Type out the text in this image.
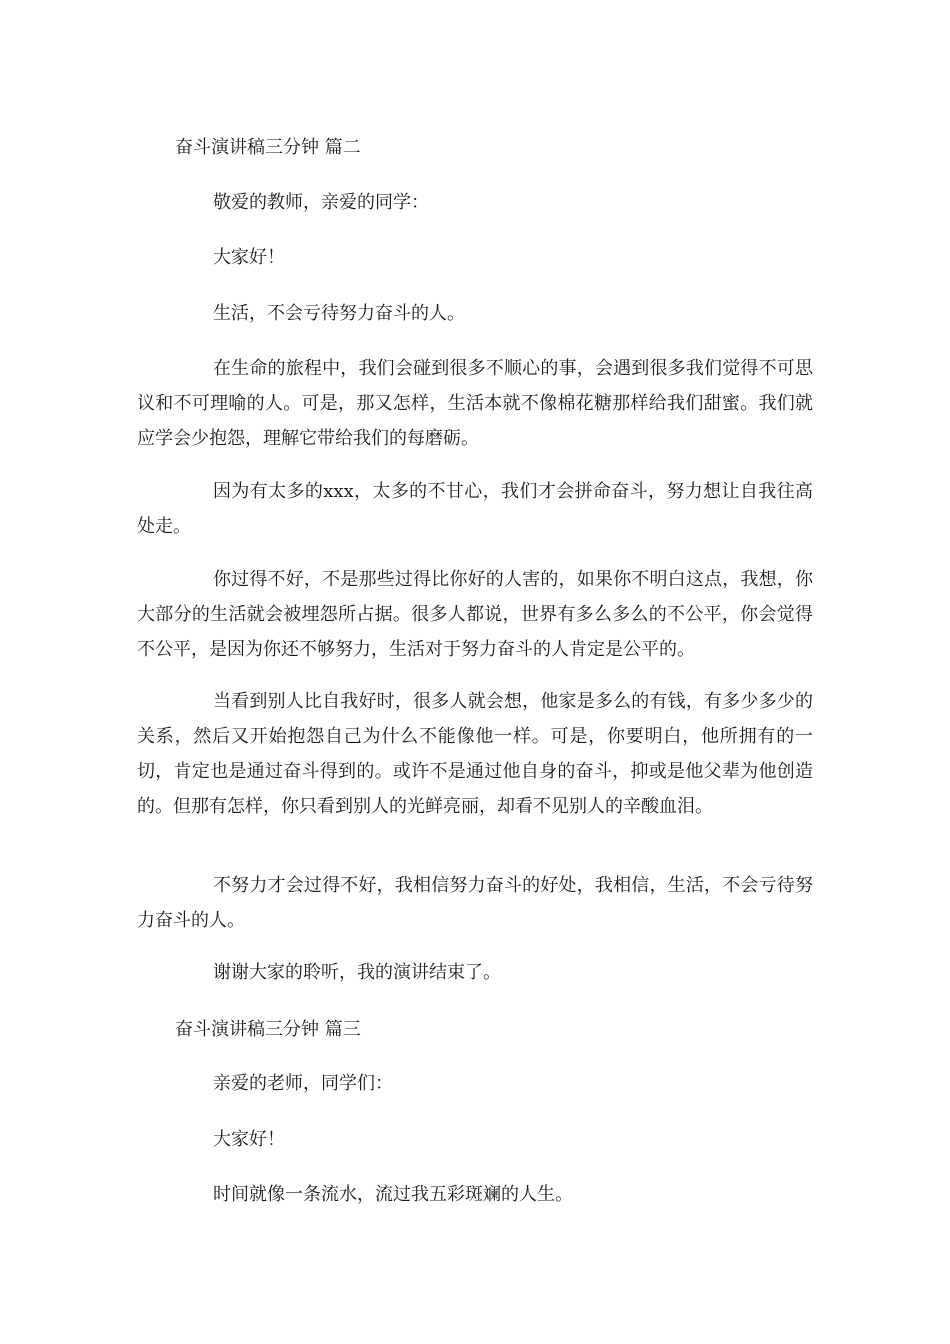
奋斗演讲稿三分钟 篇二
敬爱的教师，亲爱的同学：
大家好！
生活，不会亏待努力奋斗的人。
在生命的旅程中，我们会碰到很多不顺心的事，会遇到很多我们觉得不可思议和不可理喻的人。可是，那又怎样，生活本就不像棉花糖那样给我们甜蜜。我们就应学会少抱怨，理解它带给我们的每磨砺。
因为有太多的xxx，太多的不甘心，我们才会拼命奋斗，努力想让自我往高处走。
你过得不好，不是那些过得比你好的人害的，如果你不明白这点，我想，你大部分的生活就会被埋怨所占据。很多人都说，世界有多么多么的不公平，你会觉得不公平，是因为你还不够努力，生活对于努力奋斗的人肯定是公平的。
当看到别人比自我好时，很多人就会想，他家是多么的有钱，有多少多少的关系，然后又开始抱怨自己为什么不能像他一样。可是，你要明白，他所拥有的一切，肯定也是通过奋斗得到的。或许不是通过他自身的奋斗，抑或是他父辈为他创造的。但那有怎样，你只看到别人的光鲜亮丽，却看不见别人的辛酸血泪。
不努力才会过得不好，我相信努力奋斗的好处，我相信，生活，不会亏待努力奋斗的人。
谢谢大家的聆听，我的演讲结束了。
奋斗演讲稿三分钟 篇三
亲爱的老师，同学们：
大家好！
时间就像一条流水，流过我五彩斑斓的人生。
